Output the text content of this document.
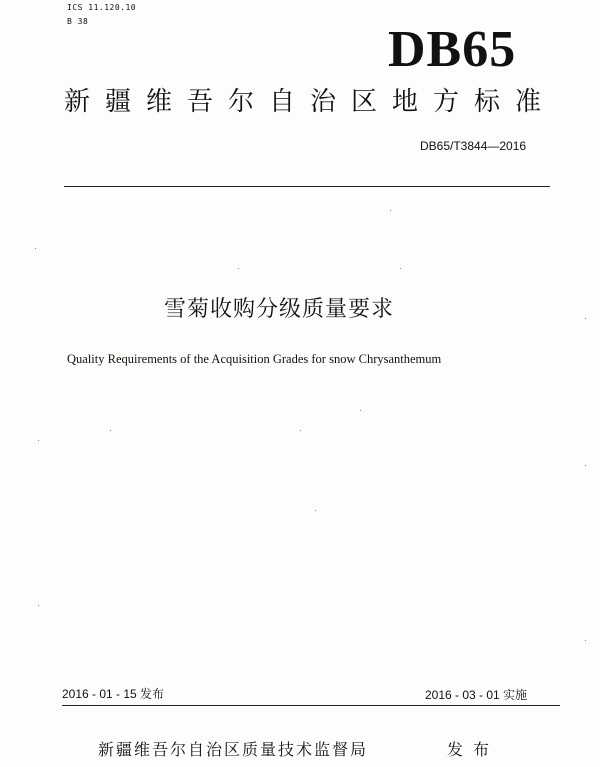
ICS 11.120.10
B 38	DB65
新疆维吾尔自治区地方标准
DB65/T3844—2016
雪菊收购分级质量要求
Quality Requirements of the Acquisition Grades for snow Chrysanthemum
2016 - 01 - 15 发布	2016 - 03 - 01 实施
新疆维吾尔自治区质量技术监督局	发布
